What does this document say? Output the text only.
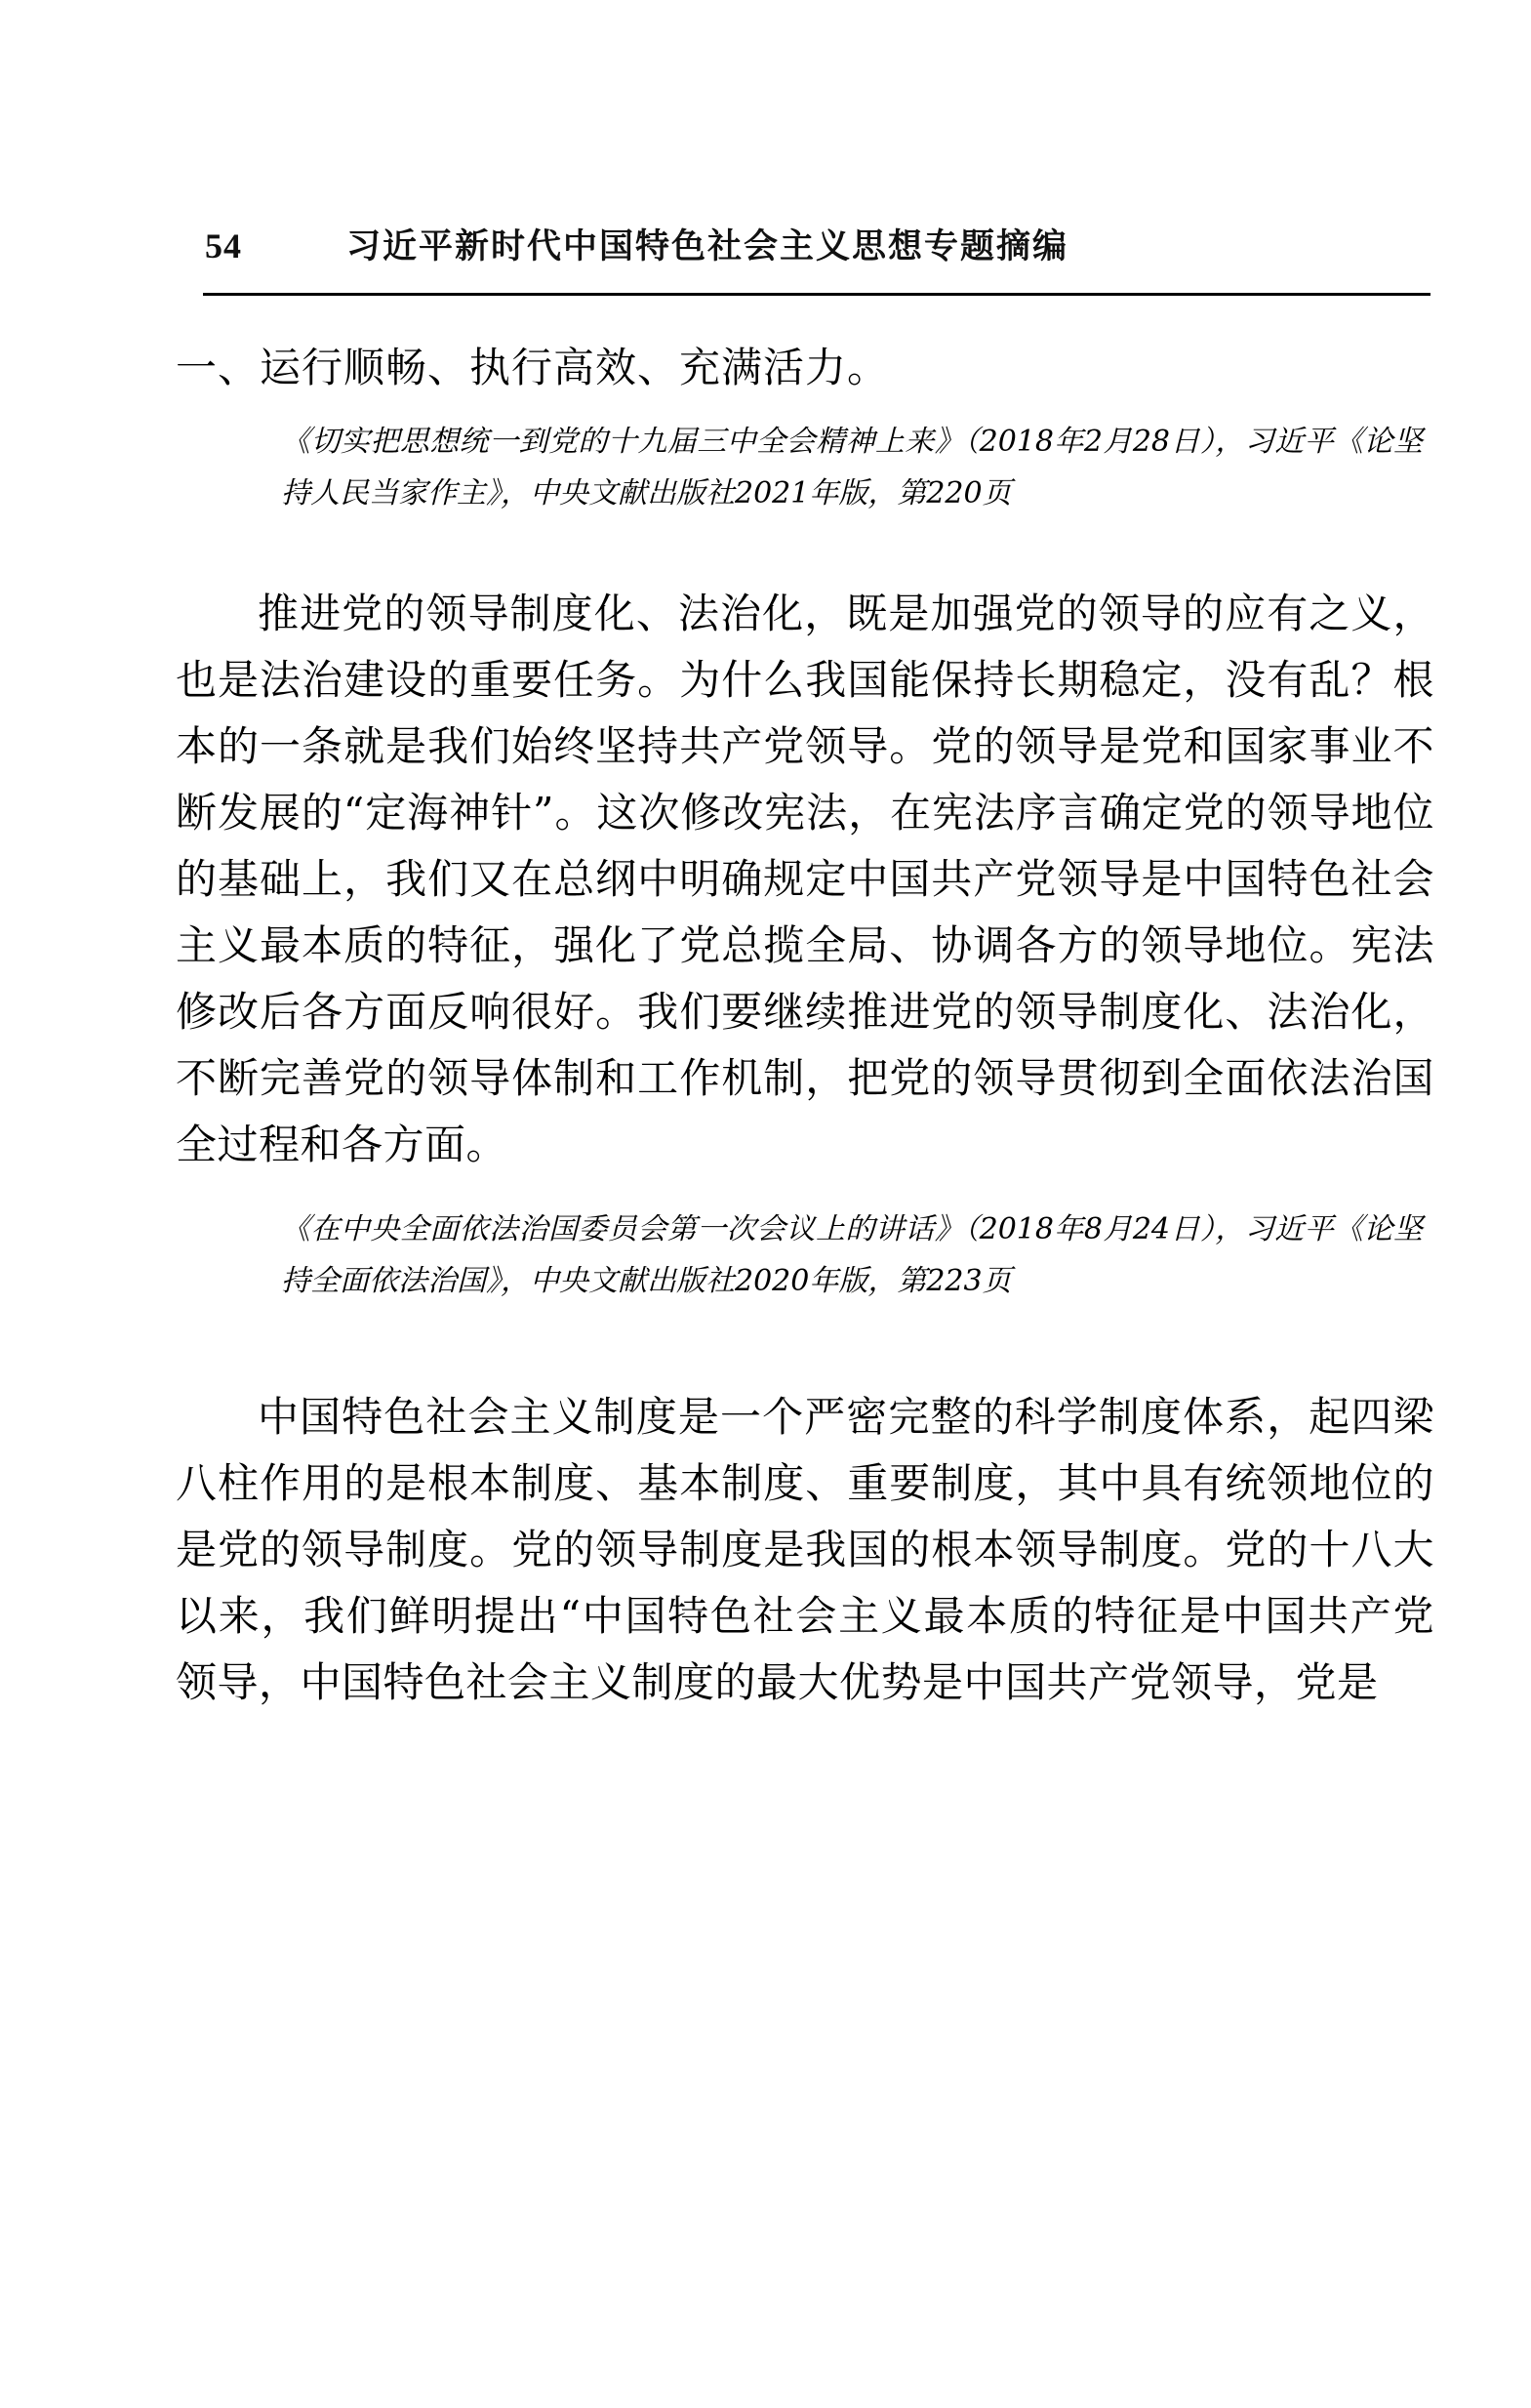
54	习近平新时代中国特色社会主义思想专题摘编

一、运行顺畅、执行高效、充满活力。

《切实把思想统一到党的十九届三中全会精神上来》（2018年2月28日），习近平《论坚持人民当家作主》，中央文献出版社2021年版，第220页

推进党的领导制度化、法治化，既是加强党的领导的应有之义，也是法治建设的重要任务。为什么我国能保持长期稳定，没有乱？根本的一条就是我们始终坚持共产党领导。党的领导是党和国家事业不断发展的“定海神针”。这次修改宪法，在宪法序言确定党的领导地位的基础上，我们又在总纲中明确规定中国共产党领导是中国特色社会主义最本质的特征，强化了党总揽全局、协调各方的领导地位。宪法修改后各方面反响很好。我们要继续推进党的领导制度化、法治化，不断完善党的领导体制和工作机制，把党的领导贯彻到全面依法治国全过程和各方面。

《在中央全面依法治国委员会第一次会议上的讲话》（2018年8月24日），习近平《论坚持全面依法治国》，中央文献出版社2020年版，第223页

中国特色社会主义制度是一个严密完整的科学制度体系，起四梁八柱作用的是根本制度、基本制度、重要制度，其中具有统领地位的是党的领导制度。党的领导制度是我国的根本领导制度。党的十八大以来，我们鲜明提出“中国特色社会主义最本质的特征是中国共产党领导，中国特色社会主义制度的最大优势是中国共产党领导，党是
